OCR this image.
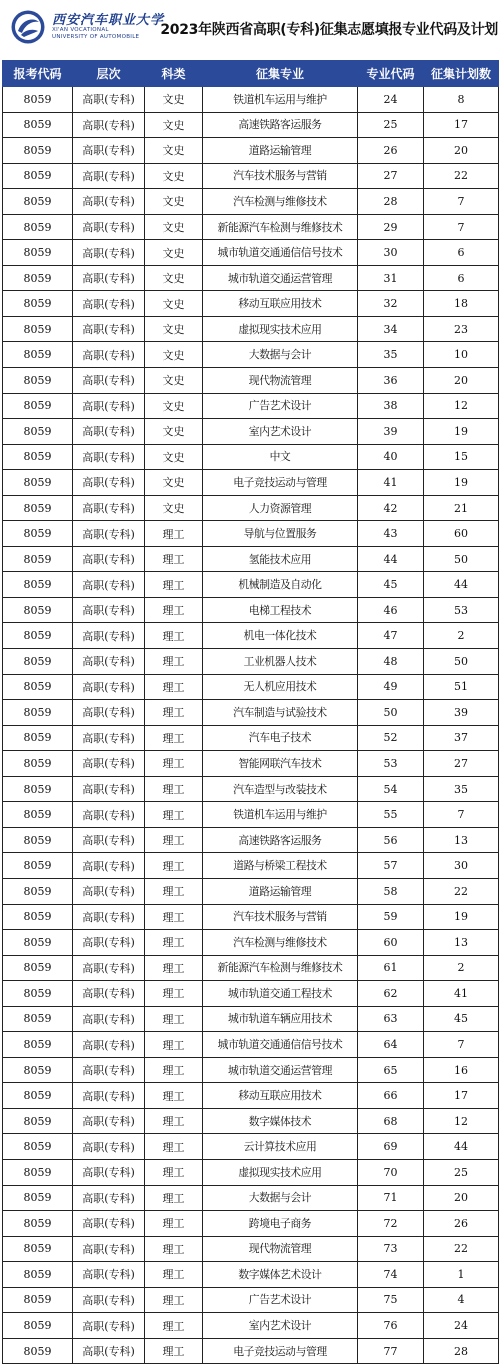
西安汽车职业大学
XI'AN VOCATIONAL
UNIVERSITY OF AUTOMOBILE	2023年陕西省高职(专科)征集志愿填报专业代码及计划
报考代码	层次	科类	征集专业	专业代码	征集计划数
8059	高职(专科)	文史	铁道机车运用与维护	24	8
8059	高职(专科)	文史	高速铁路客运服务	25	17
8059	高职(专科)	文史	道路运输管理	26	20
8059	高职(专科)	文史	汽车技术服务与营销	27	22
8059	高职(专科)	文史	汽车检测与维修技术	28	7
8059	高职(专科)	文史	新能源汽车检测与维修技术	29	7
8059	高职(专科)	文史	城市轨道交通通信信号技术	30	6
8059	高职(专科)	文史	城市轨道交通运营管理	31	6
8059	高职(专科)	文史	移动互联应用技术	32	18
8059	高职(专科)	文史	虚拟现实技术应用	34	23
8059	高职(专科)	文史	大数据与会计	35	10
8059	高职(专科)	文史	现代物流管理	36	20
8059	高职(专科)	文史	广告艺术设计	38	12
8059	高职(专科)	文史	室内艺术设计	39	19
8059	高职(专科)	文史	中文	40	15
8059	高职(专科)	文史	电子竞技运动与管理	41	19
8059	高职(专科)	文史	人力资源管理	42	21
8059	高职(专科)	理工	导航与位置服务	43	60
8059	高职(专科)	理工	氢能技术应用	44	50
8059	高职(专科)	理工	机械制造及自动化	45	44
8059	高职(专科)	理工	电梯工程技术	46	53
8059	高职(专科)	理工	机电一体化技术	47	2
8059	高职(专科)	理工	工业机器人技术	48	50
8059	高职(专科)	理工	无人机应用技术	49	51
8059	高职(专科)	理工	汽车制造与试验技术	50	39
8059	高职(专科)	理工	汽车电子技术	52	37
8059	高职(专科)	理工	智能网联汽车技术	53	27
8059	高职(专科)	理工	汽车造型与改装技术	54	35
8059	高职(专科)	理工	铁道机车运用与维护	55	7
8059	高职(专科)	理工	高速铁路客运服务	56	13
8059	高职(专科)	理工	道路与桥梁工程技术	57	30
8059	高职(专科)	理工	道路运输管理	58	22
8059	高职(专科)	理工	汽车技术服务与营销	59	19
8059	高职(专科)	理工	汽车检测与维修技术	60	13
8059	高职(专科)	理工	新能源汽车检测与维修技术	61	2
8059	高职(专科)	理工	城市轨道交通工程技术	62	41
8059	高职(专科)	理工	城市轨道车辆应用技术	63	45
8059	高职(专科)	理工	城市轨道交通通信信号技术	64	7
8059	高职(专科)	理工	城市轨道交通运营管理	65	16
8059	高职(专科)	理工	移动互联应用技术	66	17
8059	高职(专科)	理工	数字媒体技术	68	12
8059	高职(专科)	理工	云计算技术应用	69	44
8059	高职(专科)	理工	虚拟现实技术应用	70	25
8059	高职(专科)	理工	大数据与会计	71	20
8059	高职(专科)	理工	跨境电子商务	72	26
8059	高职(专科)	理工	现代物流管理	73	22
8059	高职(专科)	理工	数字媒体艺术设计	74	1
8059	高职(专科)	理工	广告艺术设计	75	4
8059	高职(专科)	理工	室内艺术设计	76	24
8059	高职(专科)	理工	电子竞技运动与管理	77	28
